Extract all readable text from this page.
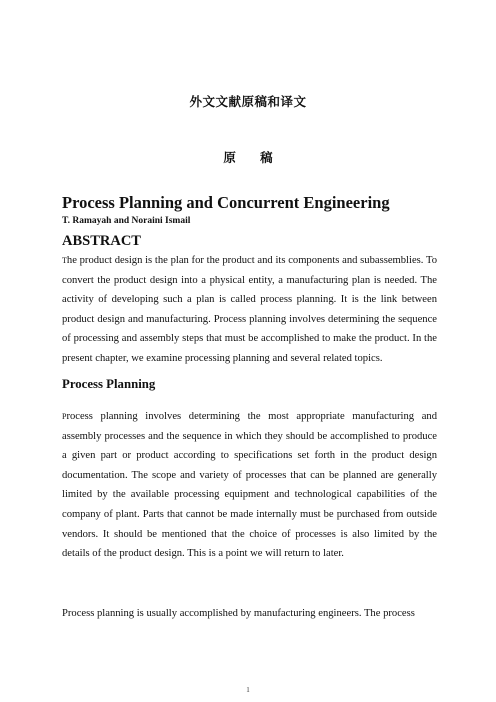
外文文献原稿和译文
原 稿
Process Planning and Concurrent Engineering
T. Ramayah and Noraini Ismail
ABSTRACT
The product design is the plan for the product and its components and subassemblies. To convert the product design into a physical entity, a manufacturing plan is needed. The activity of developing such a plan is called process planning. It is the link between product design and manufacturing. Process planning involves determining the sequence of processing and assembly steps that must be accomplished to make the product. In the present chapter, we examine processing planning and several related topics.
Process Planning
Process planning involves determining the most appropriate manufacturing and assembly processes and the sequence in which they should be accomplished to produce a given part or product according to specifications set forth in the product design documentation. The scope and variety of processes that can be planned are generally limited by the available processing equipment and technological capabilities of the company of plant. Parts that cannot be made internally must be purchased from outside vendors. It should be mentioned that the choice of processes is also limited by the details of the product design. This is a point we will return to later.
Process planning is usually accomplished by manufacturing engineers. The process
1
